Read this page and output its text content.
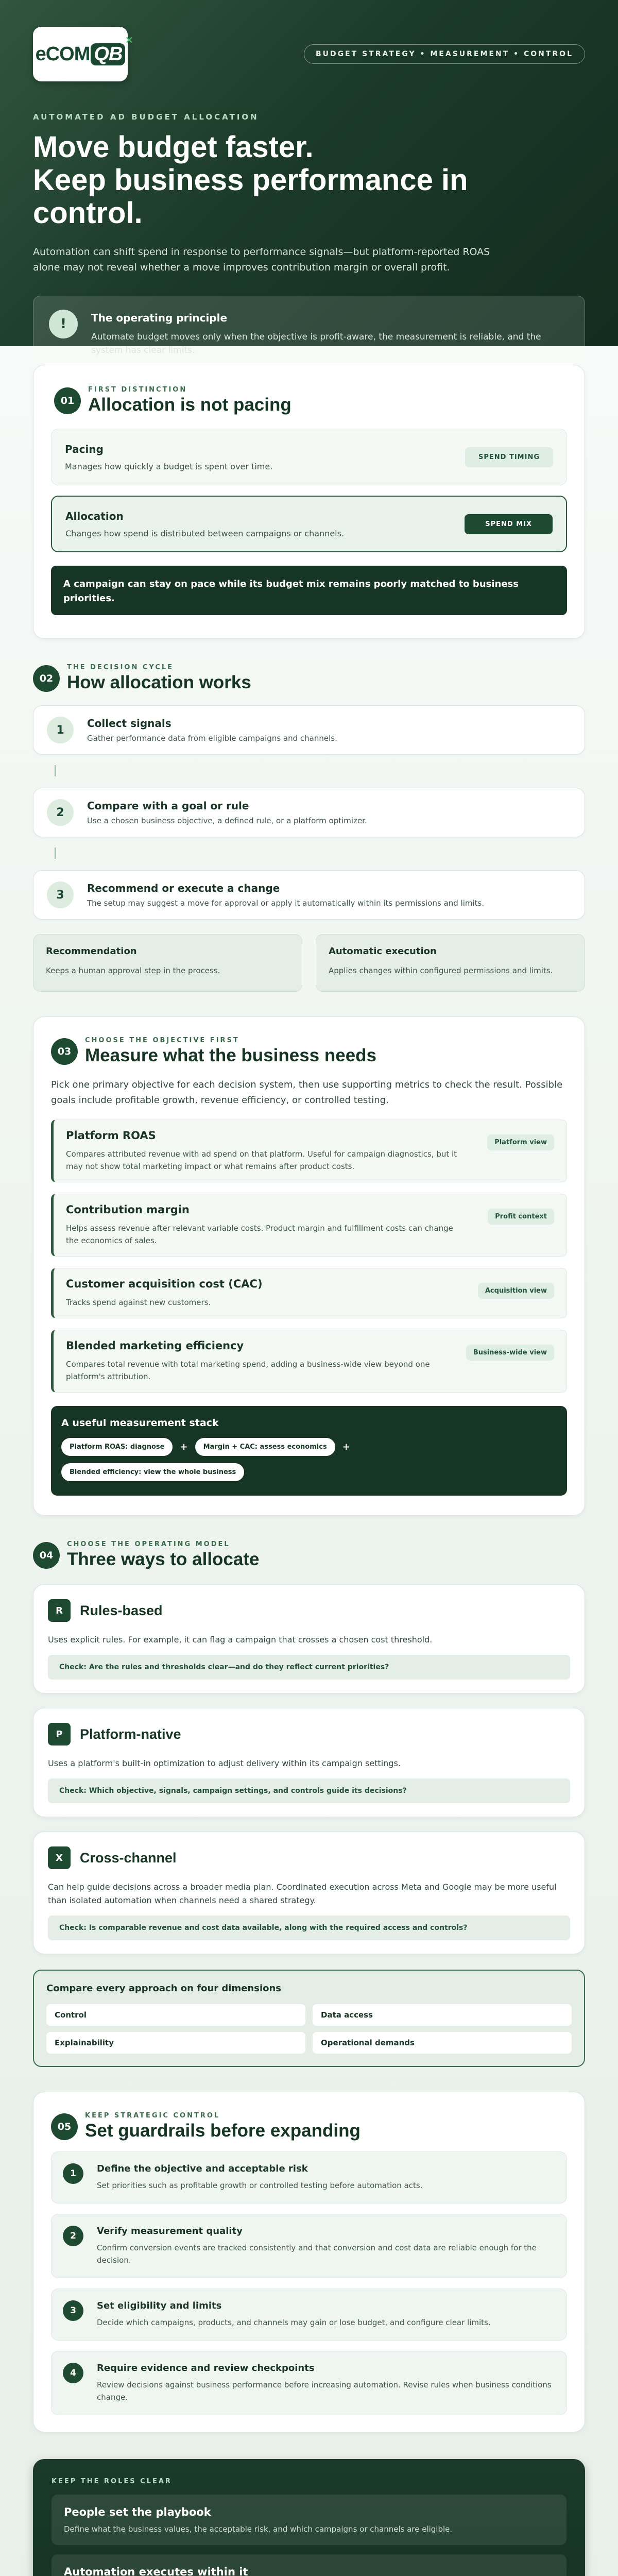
eCOM QB
✕
BUDGET STRATEGY • MEASUREMENT • CONTROL
AUTOMATED AD BUDGET ALLOCATION
Move budget faster.
Keep business performance in
control.

Automation can shift spend in response to performance signals—but platform-reported ROAS alone may not reveal whether a move improves contribution margin or overall profit.

!	The operating principle
Automate budget moves only when the objective is profit-aware, the measurement is reliable, and the system has clear limits.
01
FIRST DISTINCTION
Allocation is not pacing
Pacing
Manages how quickly a budget is spent over time.
SPEND TIMING
Allocation
Changes how spend is distributed between campaigns or channels.
SPEND MIX
A campaign can stay on pace while its budget mix remains poorly matched to business priorities.
02
THE DECISION CYCLE
How allocation works
1
Collect signals
Gather performance data from eligible campaigns and channels.
2
Compare with a goal or rule
Use a chosen business objective, a defined rule, or a platform optimizer.
3
Recommend or execute a change
The setup may suggest a move for approval or apply it automatically within its permissions and limits.
Recommendation
Keeps a human approval step in the process.
Automatic execution
Applies changes within configured permissions and limits.
03
CHOOSE THE OBJECTIVE FIRST
Measure what the business needs

Pick one primary objective for each decision system, then use supporting metrics to check the result. Possible goals include profitable growth, revenue efficiency, or controlled testing.

Platform ROAS
Compares attributed revenue with ad spend on that platform. Useful for campaign diagnostics, but it may not show total marketing impact or what remains after product costs.
Platform view
Contribution margin
Helps assess revenue after relevant variable costs. Product margin and fulfillment costs can change the economics of sales.
Profit context
Customer acquisition cost (CAC)
Tracks spend against new customers.
Acquisition view
Blended marketing efficiency
Compares total revenue with total marketing spend, adding a business-wide view beyond one platform's attribution.
Business-wide view
A useful measurement stack
Platform ROAS: diagnose	+	Margin + CAC: assess economics	+
Blended efficiency: view the whole business
04
CHOOSE THE OPERATING MODEL
Three ways to allocate
R	Rules-based
Uses explicit rules. For example, it can flag a campaign that crosses a chosen cost threshold.
Check: Are the rules and thresholds clear—and do they reflect current priorities?
P	Platform-native
Uses a platform's built-in optimization to adjust delivery within its campaign settings.
Check: Which objective, signals, campaign settings, and controls guide its decisions?
X	Cross-channel
Can help guide decisions across a broader media plan. Coordinated execution across Meta and Google may be more useful than isolated automation when channels need a shared strategy.
Check: Is comparable revenue and cost data available, along with the required access and controls?
Compare every approach on four dimensions
Control	Data access
Explainability	Operational demands
05
KEEP STRATEGIC CONTROL
Set guardrails before expanding
1	Define the objective and acceptable risk
Set priorities such as profitable growth or controlled testing before automation acts.
2	Verify measurement quality
Confirm conversion events are tracked consistently and that conversion and cost data are reliable enough for the decision.
3	Set eligibility and limits
Decide which campaigns, products, and channels may gain or lose budget, and configure clear limits.
4	Require evidence and review checkpoints
Review decisions against business performance before increasing automation. Revise rules when business conditions change.
KEEP THE ROLES CLEAR
People set the playbook
Define what the business values, the acceptable risk, and which campaigns or channels are eligible.
Automation executes within it
